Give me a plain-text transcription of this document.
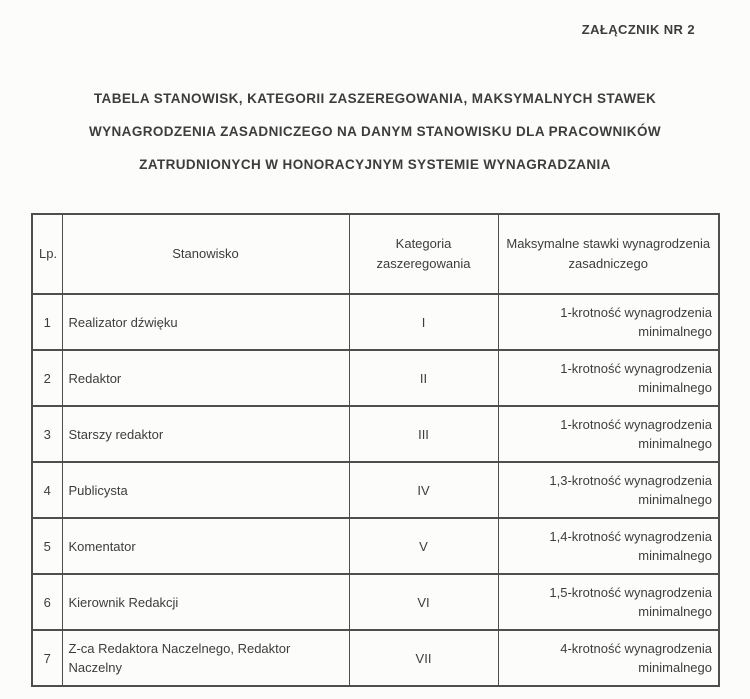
ZAŁĄCZNIK NR 2
TABELA STANOWISK, KATEGORII ZASZEREGOWANIA, MAKSYMALNYCH STAWEK
WYNAGRODZENIA ZASADNICZEGO NA DANYM STANOWISKU DLA PRACOWNIKÓW
ZATRUDNIONYCH W HONORACYJNYM SYSTEMIE WYNAGRADZANIA
Lp.	Stanowisko	Kategoria zaszeregowania	Maksymalne stawki wynagrodzenia zasadniczego
1	Realizator dźwięku	I	1-krotność wynagrodzenia minimalnego
2	Redaktor	II	1-krotność wynagrodzenia minimalnego
3	Starszy redaktor	III	1-krotność wynagrodzenia minimalnego
4	Publicysta	IV	1,3-krotność wynagrodzenia minimalnego
5	Komentator	V	1,4-krotność wynagrodzenia minimalnego
6	Kierownik Redakcji	VI	1,5-krotność wynagrodzenia minimalnego
7	Z-ca Redaktora Naczelnego, Redaktor Naczelny	VII	4-krotność wynagrodzenia minimalnego
